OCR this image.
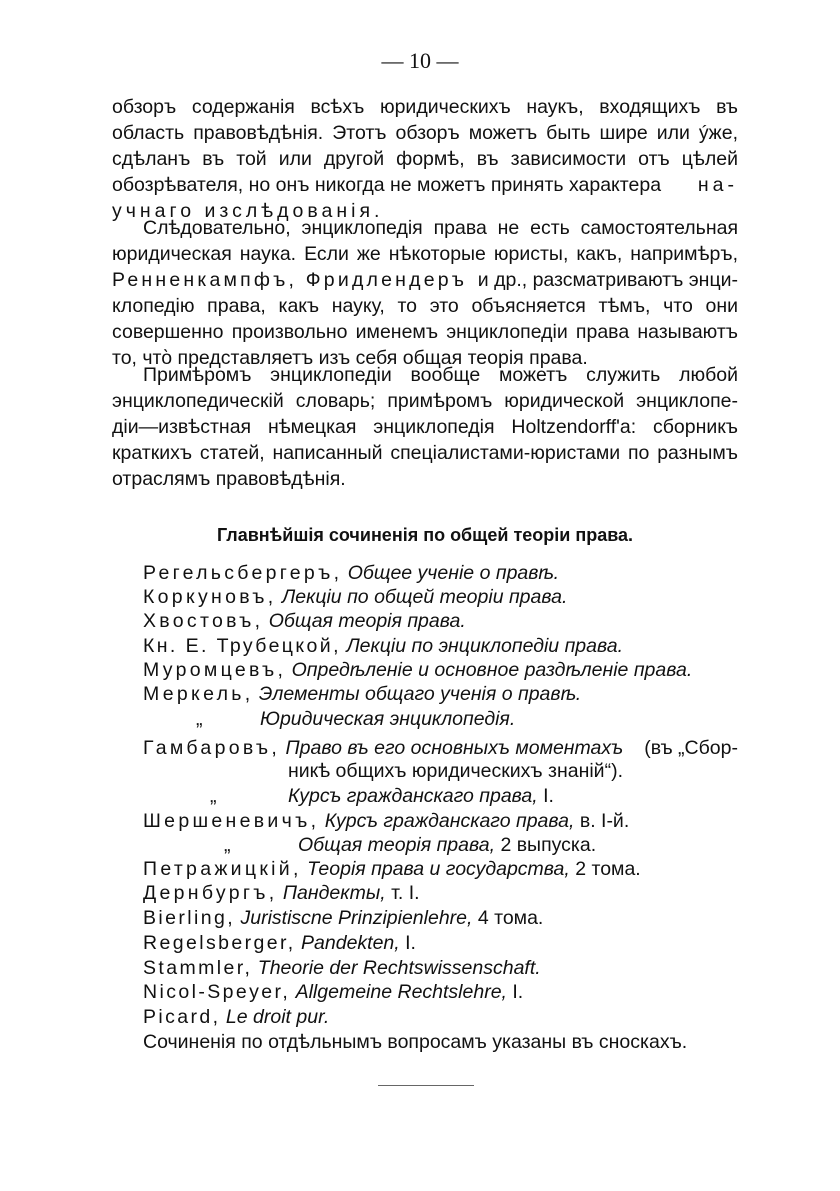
— 10 —
обзоръ содержанія всѣхъ юридическихъ наукъ, входящихъ въ
область правовѣдѣнія. Этотъ обзоръ можетъ быть шире или ýже,
сдѣланъ въ той или другой формѣ, въ зависимости отъ цѣлей
обозрѣвателя, но онъ никогда не можетъ принять характера на-
учнаго изслѣдованія.
Слѣдовательно, энциклопедія права не есть самостоятельная
юридическая наука. Если же нѣкоторые юристы, какъ, напримѣръ,
Ренненкампфъ, Фридлендеръ и др., разсматриваютъ энци-
клопедію права, какъ науку, то это объясняется тѣмъ, что они
совершенно произвольно именемъ энциклопедіи права называютъ
то, что̀ представляетъ изъ себя общая теорія права.
Примѣромъ энциклопедіи вообще можетъ служить любой
энциклопедическій словарь; примѣромъ юридической энциклопе-
діи—извѣстная нѣмецкая энциклопедія Holtzendorff'а: сборникъ
краткихъ статей, написанный спеціалистами-юристами по разнымъ
отраслямъ правовѣдѣнія.
Главнѣйшія сочиненія по общей теоріи права.
Регельсбергеръ, Общее ученіе о правѣ.
Коркуновъ, Лекціи по общей теоріи права.
Хвостовъ, Общая теорія права.
Кн. Е. Трубецкой, Лекціи по энциклопедіи права.
Муромцевъ, Опредѣленіе и основное раздѣленіе права.
Меркель, Элементы общаго ученія о правѣ.
„	Юридическая энциклопедія.
Гамбаровъ, Право въ его основныхъ моментахъ (въ „Сбор-
никѣ общихъ юридическихъ знаній“).
„	Курсъ гражданскаго права, I.
Шершеневичъ, Курсъ гражданскаго права, в. I-й.
„	Общая теорія права, 2 выпуска.
Петражицкій, Теорія права и государства, 2 тома.
Дернбургъ, Пандекты, т. I.
Bierling, Juristiscne Prinzipienlehre, 4 тома.
Regelsberger, Pandekten, I.
Stammler, Theorie der Rechtswissenschaft.
Nicol-Speyer, Allgemeine Rechtslehre, I.
Picard, Le droit pur.
Сочиненія по отдѣльнымъ вопросамъ указаны въ сноскахъ.
